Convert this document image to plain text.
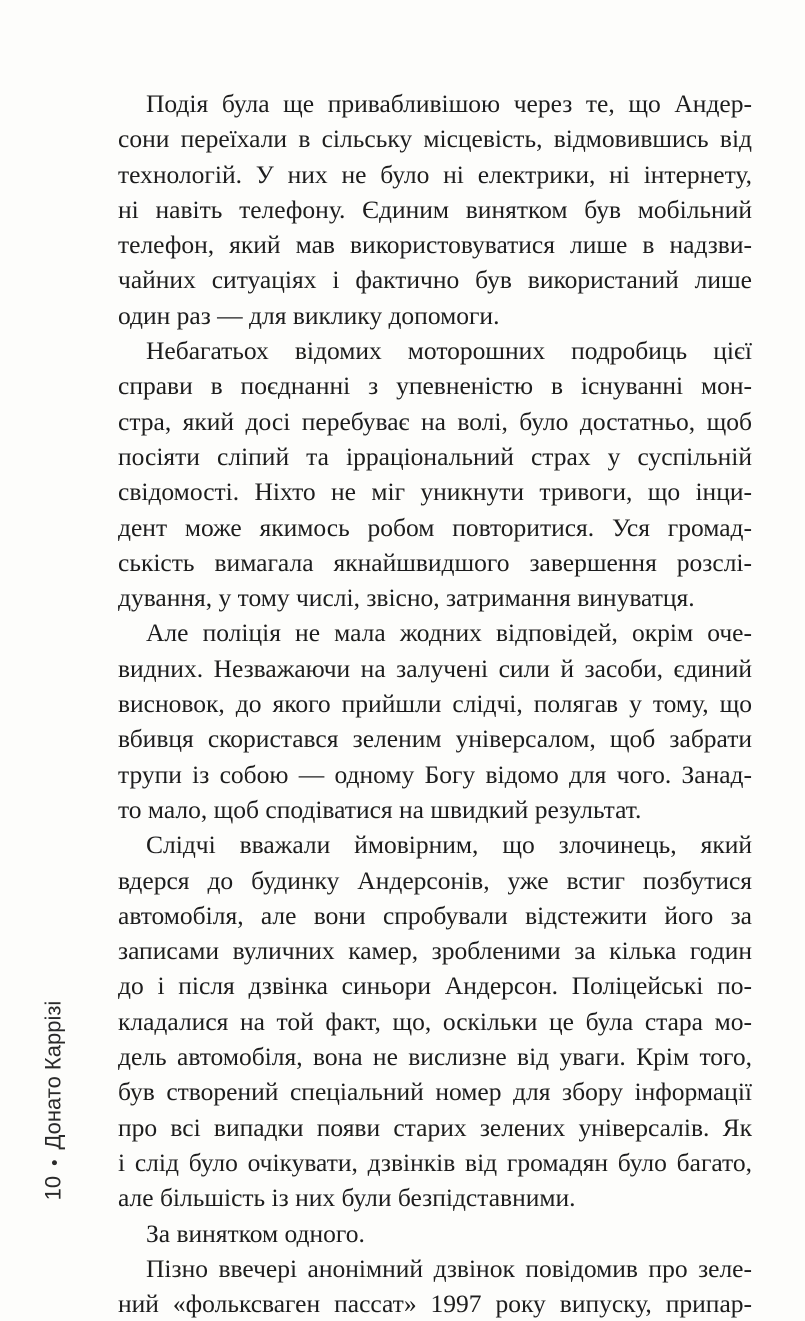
Подія була ще привабливішою через те, що Андер-
сони переїхали в сільську місцевість, відмовившись від
технологій. У них не було ні електрики, ні інтернету,
ні навіть телефону. Єдиним винятком був мобільний
телефон, який мав використовуватися лише в надзви-
чайних ситуаціях і фактично був використаний лише
один раз — для виклику допомоги.
Небагатьох відомих моторошних подробиць цієї
справи в поєднанні з упевненістю в існуванні мон-
стра, який досі перебуває на волі, було достатньо, щоб
посіяти сліпий та ірраціональний страх у суспільній
свідомості. Ніхто не міг уникнути тривоги, що інци-
дент може якимось робом повторитися. Уся громад-
ськість вимагала якнайшвидшого завершення розслі-
дування, у тому числі, звісно, затримання винуватця.
Але поліція не мала жодних відповідей, окрім оче-
видних. Незважаючи на залучені сили й засоби, єдиний
висновок, до якого прийшли слідчі, полягав у тому, що
вбивця скористався зеленим універсалом, щоб забрати
трупи із собою — одному Богу відомо для чого. Занад-
то мало, щоб сподіватися на швидкий результат.
Слідчі вважали ймовірним, що злочинець, який
вдерся до будинку Андерсонів, уже встиг позбутися
автомобіля, але вони спробували відстежити його за
записами вуличних камер, зробленими за кілька годин
до і після дзвінка синьори Андерсон. Поліцейські по-
кладалися на той факт, що, оскільки це була стара мо-
дель автомобіля, вона не вислизне від уваги. Крім того,
був створений спеціальний номер для збору інформації
про всі випадки появи старих зелених універсалів. Як
і слід було очікувати, дзвінків від громадян було багато,
але більшість із них були безпідставними.
За винятком одного.
Пізно ввечері анонімний дзвінок повідомив про зеле-
ний «фольксваген пассат» 1997 року випуску, припар-
10•Донато Каррізі
